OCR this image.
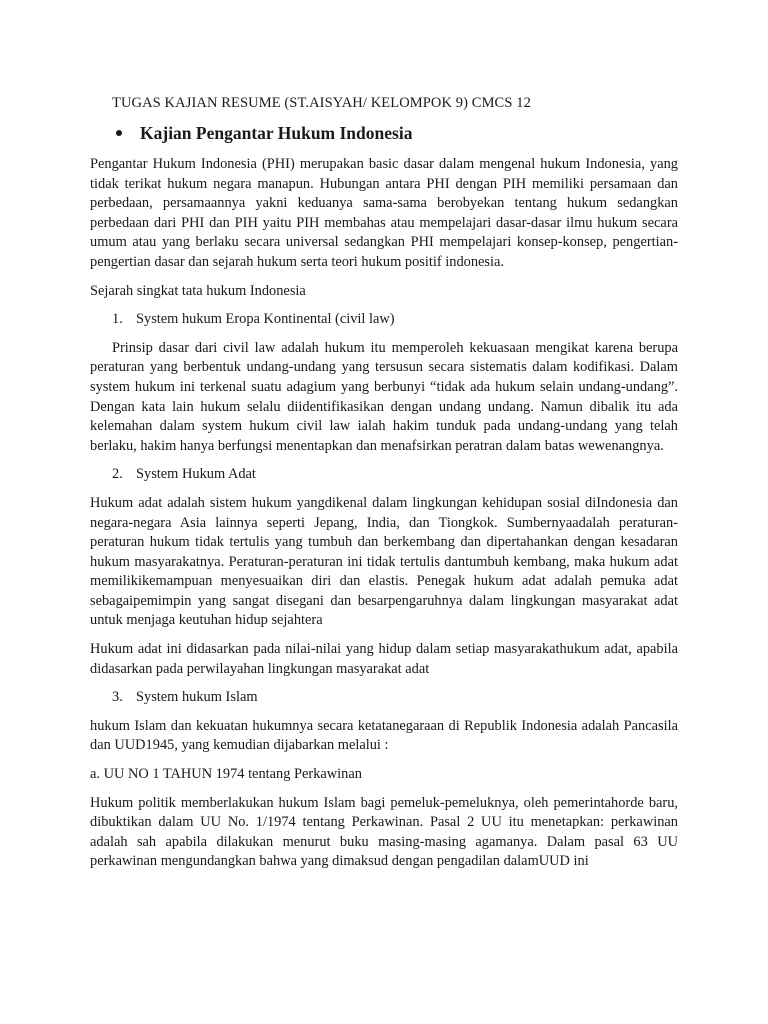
TUGAS KAJIAN RESUME (ST.AISYAH/ KELOMPOK 9) CMCS 12
Kajian Pengantar Hukum Indonesia

Pengantar Hukum Indonesia (PHI) merupakan basic dasar dalam mengenal hukum Indonesia, yang tidak terikat hukum negara manapun. Hubungan antara PHI dengan PIH memiliki persamaan dan perbedaan, persamaannya yakni keduanya sama-sama berobyekan tentang hukum sedangkan perbedaan dari PHI dan PIH yaitu PIH membahas atau mempelajari dasar-dasar ilmu hukum secara umum atau yang berlaku secara universal sedangkan PHI mempelajari konsep-konsep, pengertian-pengertian dasar dan sejarah hukum serta teori hukum positif indonesia.

Sejarah singkat tata hukum Indonesia

1. System hukum Eropa Kontinental (civil law)

Prinsip dasar dari civil law adalah hukum itu memperoleh kekuasaan mengikat karena berupa peraturan yang berbentuk undang-undang yang tersusun secara sistematis dalam kodifikasi. Dalam system hukum ini terkenal suatu adagium yang berbunyi “tidak ada hukum selain undang-undang”. Dengan kata lain hukum selalu diidentifikasikan dengan undang undang. Namun dibalik itu ada kelemahan dalam system hukum civil law ialah hakim tunduk pada undang-undang yang telah berlaku, hakim hanya berfungsi menentapkan dan menafsirkan peratran dalam batas wewenangnya.

2. System Hukum Adat

Hukum adat adalah sistem hukum yangdikenal dalam lingkungan kehidupan sosial diIndonesia dan negara-negara Asia lainnya seperti Jepang, India, dan Tiongkok. Sumbernyaadalah peraturan-peraturan hukum tidak tertulis yang tumbuh dan berkembang dan dipertahankan dengan kesadaran hukum masyarakatnya. Peraturan-peraturan ini tidak tertulis dantumbuh kembang, maka hukum adat memilikikemampuan menyesuaikan diri dan elastis. Penegak hukum adat adalah pemuka adat sebagaipemimpin yang sangat disegani dan besarpengaruhnya dalam lingkungan masyarakat adat untuk menjaga keutuhan hidup sejahtera

Hukum adat ini didasarkan pada nilai-nilai yang hidup dalam setiap masyarakathukum adat, apabila didasarkan pada perwilayahan lingkungan masyarakat adat

3. System hukum Islam

hukum Islam dan kekuatan hukumnya secara ketatanegaraan di Republik Indonesia adalah Pancasila dan UUD1945, yang kemudian dijabarkan melalui :

a. UU NO 1 TAHUN 1974 tentang Perkawinan

Hukum politik memberlakukan hukum Islam bagi pemeluk-pemeluknya, oleh pemerintahorde baru, dibuktikan dalam UU No. 1/1974 tentang Perkawinan. Pasal 2 UU itu menetapkan: perkawinan adalah sah apabila dilakukan menurut buku masing-masing agamanya. Dalam pasal 63 UU perkawinan mengundangkan bahwa yang dimaksud dengan pengadilan dalamUUD ini
